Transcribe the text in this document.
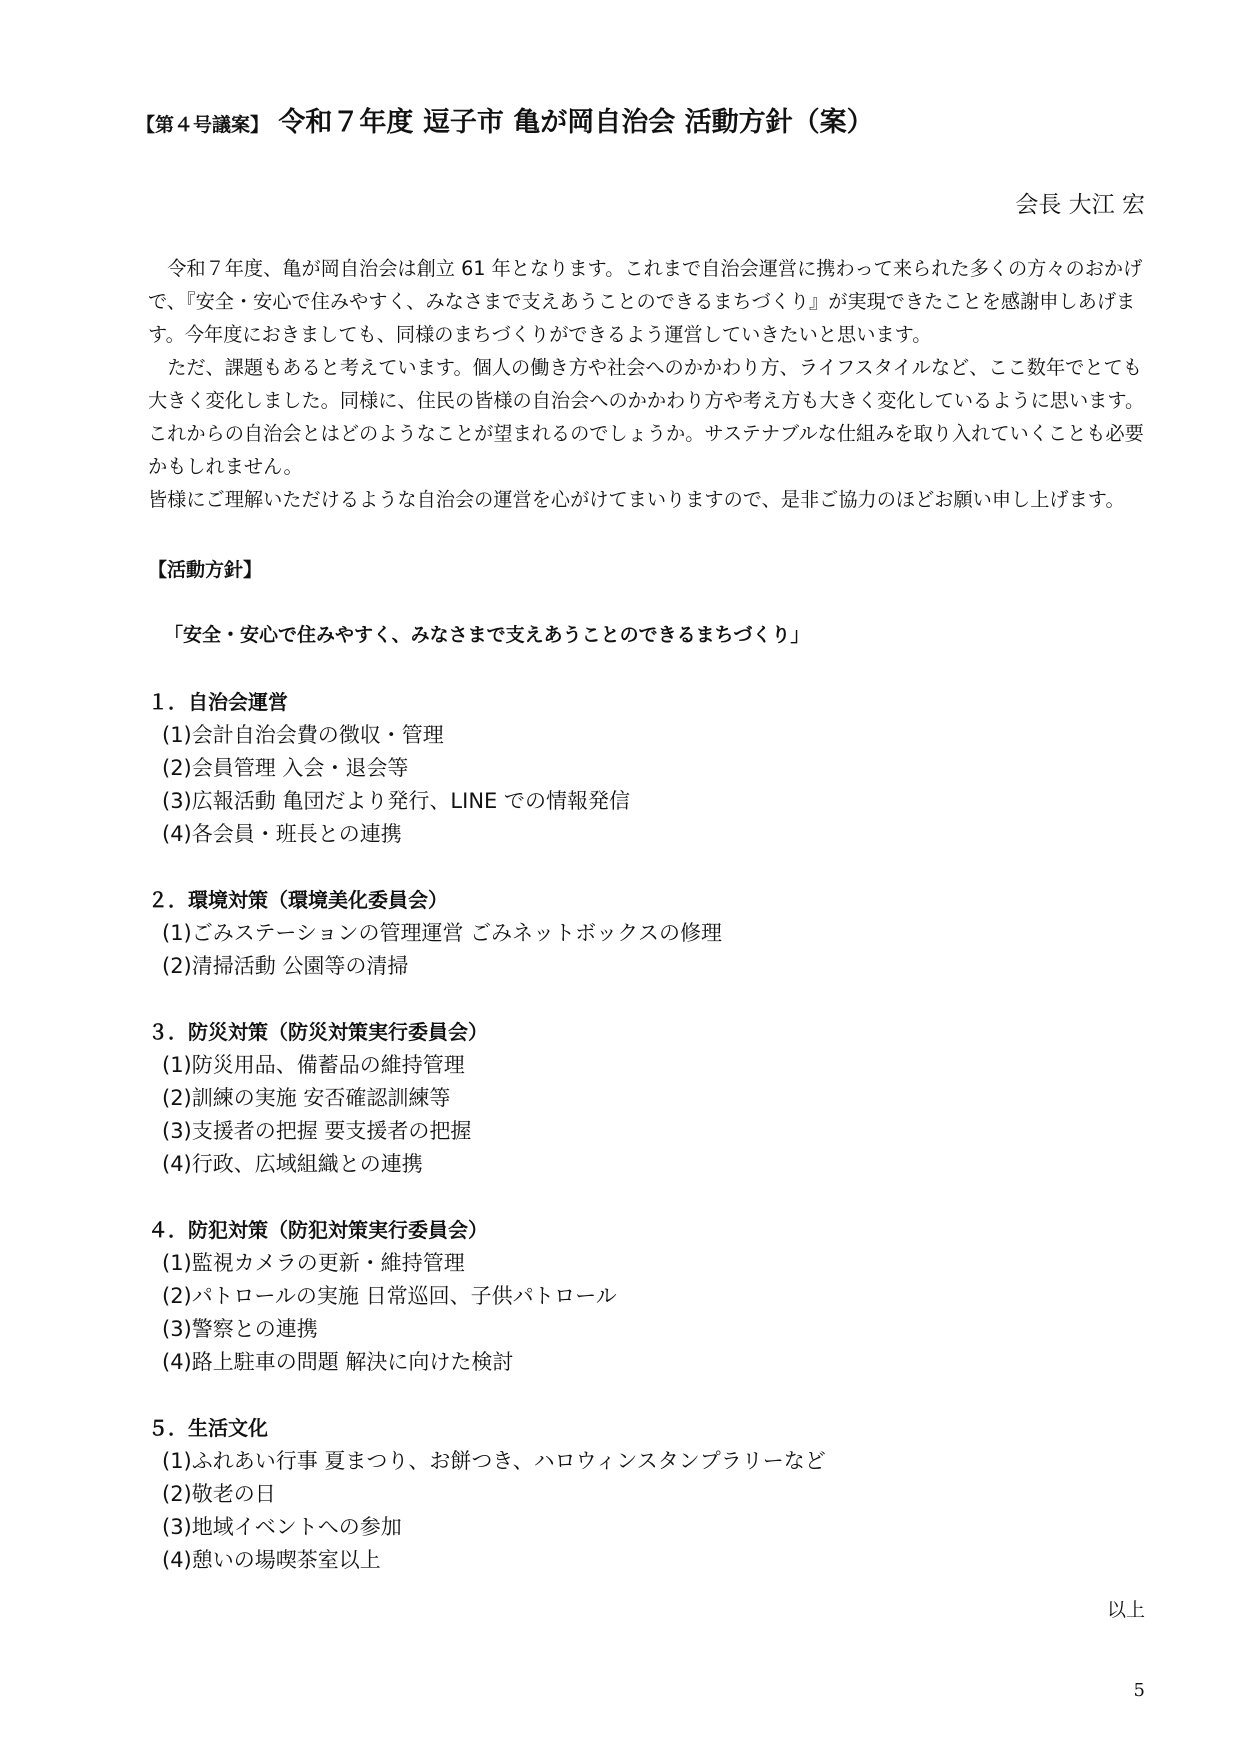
【第４号議案】 令和７年度 逗子市 亀が岡自治会 活動方針（案）
会長 大江 宏

令和７年度、亀が岡自治会は創立 61 年となります。これまで自治会運営に携わって来られた多くの方々のおかげで、『安全・安心で住みやすく、みなさまで支えあうことのできるまちづくり』が実現できたことを感謝申しあげます。今年度におきましても、同様のまちづくりができるよう運営していきたいと思います。

ただ、課題もあると考えています。個人の働き方や社会へのかかわり方、ライフスタイルなど、ここ数年でとても大きく変化しました。同様に、住民の皆様の自治会へのかかわり方や考え方も大きく変化しているように思います。これからの自治会とはどのようなことが望まれるのでしょうか。サステナブルな仕組みを取り入れていくことも必要かもしれません。

皆様にご理解いただけるような自治会の運営を心がけてまいりますので、是非ご協力のほどお願い申し上げます。

【活動方針】
「安全・安心で住みやすく、みなさまで支えあうことのできるまちづくり」
１．自治会運営
(1)会計自治会費の徴収・管理
(2)会員管理 入会・退会等
(3)広報活動 亀団だより発行、LINE での情報発信
(4)各会員・班長との連携
２．環境対策（環境美化委員会）
(1)ごみステーションの管理運営 ごみネットボックスの修理
(2)清掃活動 公園等の清掃
３．防災対策（防災対策実行委員会）
(1)防災用品、備蓄品の維持管理
(2)訓練の実施 安否確認訓練等
(3)支援者の把握 要支援者の把握
(4)行政、広域組織との連携
４．防犯対策（防犯対策実行委員会）
(1)監視カメラの更新・維持管理
(2)パトロールの実施 日常巡回、子供パトロール
(3)警察との連携
(4)路上駐車の問題 解決に向けた検討
５．生活文化
(1)ふれあい行事 夏まつり、お餅つき、ハロウィンスタンプラリーなど
(2)敬老の日
(3)地域イベントへの参加
(4)憩いの場喫茶室以上
以上
5
